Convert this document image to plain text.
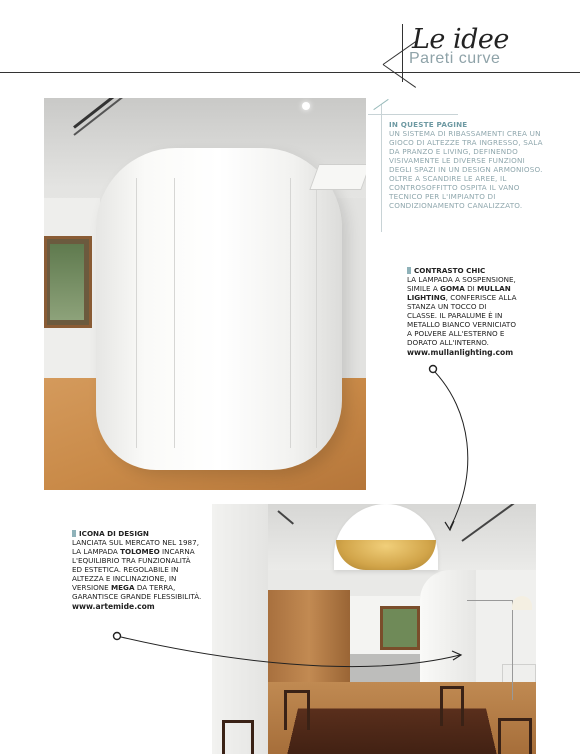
Le idee
Pareti curve
IN QUESTE PAGINE
UN SISTEMA DI RIBASSAMENTI CREA UN GIOCO DI ALTEZZE TRA INGRESSO, SALA DA PRANZO E LIVING, DEFINENDO VISIVAMENTE LE DIVERSE FUNZIONI DEGLI SPAZI IN UN DESIGN ARMONIOSO. OLTRE A SCANDIRE LE AREE, IL CONTROSOFFITTO OSPITA IL VANO TECNICO PER L'IMPIANTO DI CONDIZIONAMENTO CANALIZZATO.
CONTRASTO CHIC
LA LAMPADA A SOSPENSIONE, SIMILE A GOMA DI MULLAN LIGHTING, CONFERISCE ALLA STANZA UN TOCCO DI CLASSE. IL PARALUME È IN METALLO BIANCO VERNICIATO A POLVERE ALL'ESTERNO E DORATO ALL'INTERNO.
www.mullanlighting.com
ICONA DI DESIGN
LANCIATA SUL MERCATO NEL 1987, LA LAMPADA TOLOMEO INCARNA L'EQUILIBRIO TRA FUNZIONALITÀ ED ESTETICA. REGOLABILE IN ALTEZZA E INCLINAZIONE, IN VERSIONE MEGA DA TERRA, GARANTISCE GRANDE FLESSIBILITÀ.
www.artemide.com
